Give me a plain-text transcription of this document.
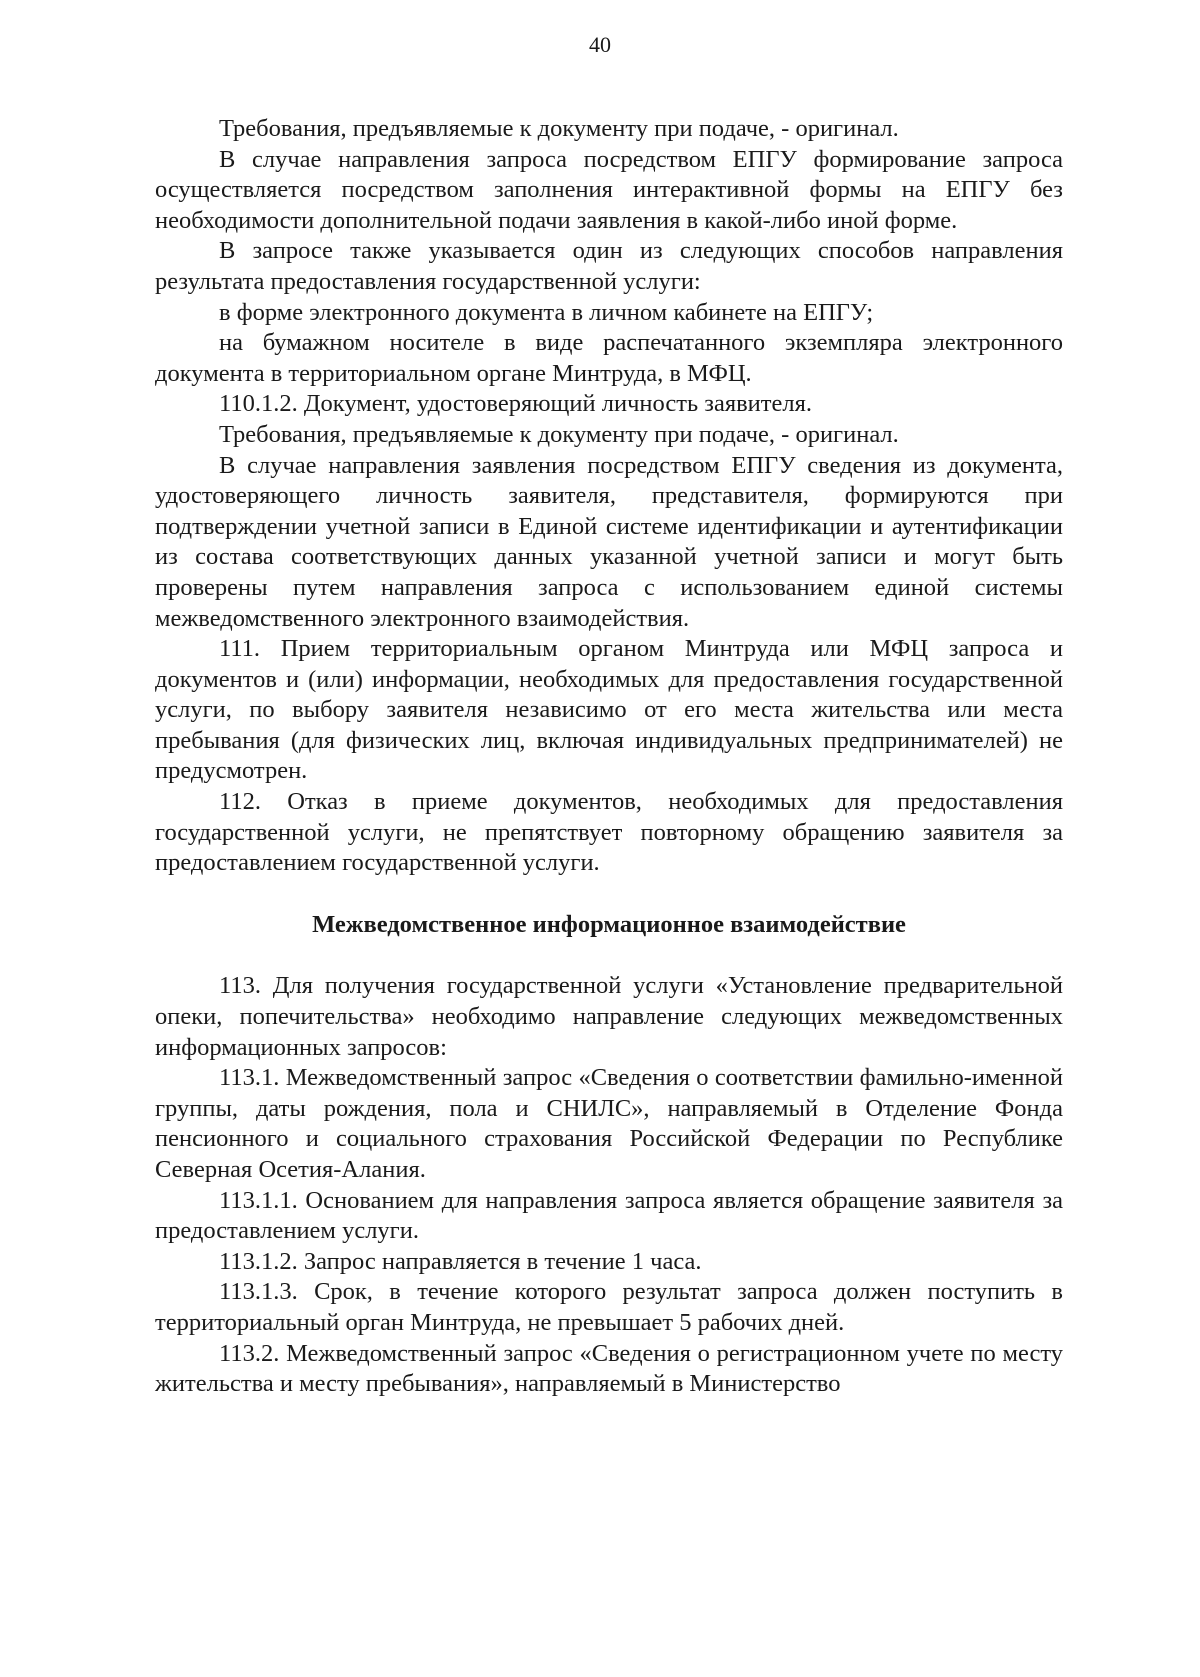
40

Требования, предъявляемые к документу при подаче, - оригинал.

В случае направления запроса посредством ЕПГУ формирование запроса осуществляется посредством заполнения интерактивной формы на ЕПГУ без необходимости дополнительной подачи заявления в какой-либо иной форме.

В запросе также указывается один из следующих способов направления результата предоставления государственной услуги:

в форме электронного документа в личном кабинете на ЕПГУ;

на бумажном носителе в виде распечатанного экземпляра электронного документа в территориальном органе Минтруда, в МФЦ.

110.1.2. Документ, удостоверяющий личность заявителя.

Требования, предъявляемые к документу при подаче, - оригинал.

В случае направления заявления посредством ЕПГУ сведения из документа, удостоверяющего личность заявителя, представителя, формируются при подтверждении учетной записи в Единой системе идентификации и аутентификации из состава соответствующих данных указанной учетной записи и могут быть проверены путем направления запроса с использованием единой системы межведомственного электронного взаимодействия.

111. Прием территориальным органом Минтруда или МФЦ запроса и документов и (или) информации, необходимых для предоставления государственной услуги, по выбору заявителя независимо от его места жительства или места пребывания (для физических лиц, включая индивидуальных предпринимателей) не предусмотрен.

112. Отказ в приеме документов, необходимых для предоставления государственной услуги, не препятствует повторному обращению заявителя за предоставлением государственной услуги.

Межведомственное информационное взаимодействие

113. Для получения государственной услуги «Установление предварительной опеки, попечительства» необходимо направление следующих межведомственных информационных запросов:

113.1. Межведомственный запрос «Сведения о соответствии фамильно-именной группы, даты рождения, пола и СНИЛС», направляемый в Отделение Фонда пенсионного и социального страхования Российской Федерации по Республике Северная Осетия-Алания.

113.1.1. Основанием для направления запроса является обращение заявителя за предоставлением услуги.

113.1.2. Запрос направляется в течение 1 часа.

113.1.3. Срок, в течение которого результат запроса должен поступить в территориальный орган Минтруда, не превышает 5 рабочих дней.

113.2. Межведомственный запрос «Сведения о регистрационном учете по месту жительства и месту пребывания», направляемый в Министерство
